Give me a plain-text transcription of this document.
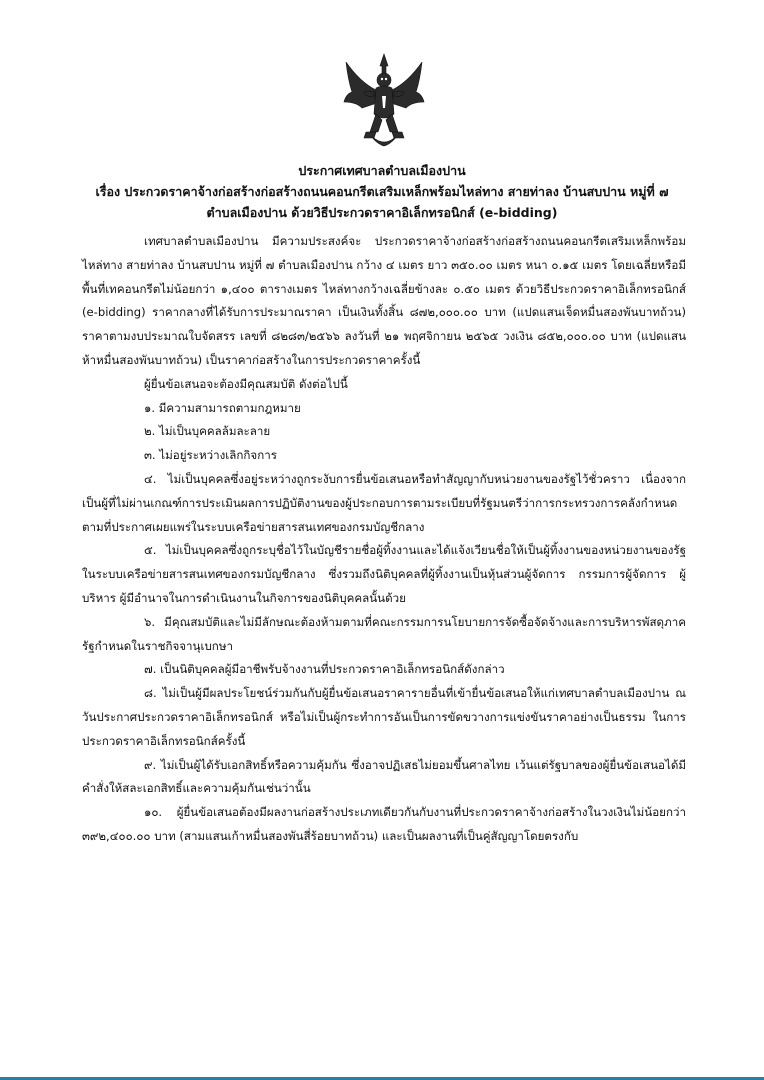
ประกาศเทศบาลตำบลเมืองปาน
เรื่อง ประกวดราคาจ้างก่อสร้างก่อสร้างถนนคอนกรีตเสริมเหล็กพร้อมไหล่ทาง สายท่าลง บ้านสบปาน หมู่ที่ ๗
ตำบลเมืองปาน ด้วยวิธีประกวดราคาอิเล็กทรอนิกส์ (e-bidding)

เทศบาลตำบลเมืองปาน มีความประสงค์จะ ประกวดราคาจ้างก่อสร้างก่อสร้างถนนคอนกรีตเสริมเหล็กพร้อมไหล่ทาง สายท่าลง บ้านสบปาน หมู่ที่ ๗ ตำบลเมืองปาน กว้าง ๔ เมตร ยาว ๓๕๐.๐๐ เมตร หนา ๐.๑๕ เมตร โดยเฉลี่ยหรือมีพื้นที่เทคอนกรีตไม่น้อยกว่า ๑,๔๐๐ ตารางเมตร ไหล่ทางกว้างเฉลี่ยข้างละ ๐.๕๐ เมตร ด้วยวิธีประกวดราคาอิเล็กทรอนิกส์ (e-bidding) ราคากลางที่ได้รับการประมาณราคา เป็นเงินทั้งสิ้น ๘๗๒,๐๐๐.๐๐ บาท (แปดแสนเจ็ดหมื่นสองพันบาทถ้วน) ราคาตามงบประมาณใบจัดสรร เลขที่ ๘๒๘๓/๒๕๖๖ ลงวันที่ ๒๑ พฤศจิกายน ๒๕๖๕ วงเงิน ๘๕๒,๐๐๐.๐๐ บาท (แปดแสนห้าหมื่นสองพันบาทถ้วน) เป็นราคาก่อสร้างในการประกวดราคาครั้งนี้

ผู้ยื่นข้อเสนอจะต้องมีคุณสมบัติ ดังต่อไปนี้

๑. มีความสามารถตามกฎหมาย

๒. ไม่เป็นบุคคลล้มละลาย

๓. ไม่อยู่ระหว่างเลิกกิจการ

๔. ไม่เป็นบุคคลซึ่งอยู่ระหว่างถูกระงับการยื่นข้อเสนอหรือทำสัญญากับหน่วยงานของรัฐไว้ชั่วคราว เนื่องจากเป็นผู้ที่ไม่ผ่านเกณฑ์การประเมินผลการปฏิบัติงานของผู้ประกอบการตามระเบียบที่รัฐมนตรีว่าการกระทรวงการคลังกำหนดตามที่ประกาศเผยแพร่ในระบบเครือข่ายสารสนเทศของกรมบัญชีกลาง

๕. ไม่เป็นบุคคลซึ่งถูกระบุชื่อไว้ในบัญชีรายชื่อผู้ทิ้งงานและได้แจ้งเวียนชื่อให้เป็นผู้ทิ้งงานของหน่วยงานของรัฐในระบบเครือข่ายสารสนเทศของกรมบัญชีกลาง ซึ่งรวมถึงนิติบุคคลที่ผู้ทิ้งงานเป็นหุ้นส่วนผู้จัดการ กรรมการผู้จัดการ ผู้บริหาร ผู้มีอำนาจในการดำเนินงานในกิจการของนิติบุคคลนั้นด้วย

๖. มีคุณสมบัติและไม่มีลักษณะต้องห้ามตามที่คณะกรรมการนโยบายการจัดซื้อจัดจ้างและการบริหารพัสดุภาครัฐกำหนดในราชกิจจานุเบกษา

๗. เป็นนิติบุคคลผู้มีอาชีพรับจ้างงานที่ประกวดราคาอิเล็กทรอนิกส์ดังกล่าว

๘. ไม่เป็นผู้มีผลประโยชน์ร่วมกันกับผู้ยื่นข้อเสนอราคารายอื่นที่เข้ายื่นข้อเสนอให้แก่เทศบาลตำบลเมืองปาน ณ วันประกาศประกวดราคาอิเล็กทรอนิกส์ หรือไม่เป็นผู้กระทำการอันเป็นการขัดขวางการแข่งขันราคาอย่างเป็นธรรม ในการประกวดราคาอิเล็กทรอนิกส์ครั้งนี้

๙. ไม่เป็นผู้ได้รับเอกสิทธิ์หรือความคุ้มกัน ซึ่งอาจปฏิเสธไม่ยอมขึ้นศาลไทย เว้นแต่รัฐบาลของผู้ยื่นข้อเสนอได้มีคำสั่งให้สละเอกสิทธิ์และความคุ้มกันเช่นว่านั้น

๑๐. ผู้ยื่นข้อเสนอต้องมีผลงานก่อสร้างประเภทเดียวกันกับงานที่ประกวดราคาจ้างก่อสร้างในวงเงินไม่น้อยกว่า ๓๙๒,๔๐๐.๐๐ บาท (สามแสนเก้าหมื่นสองพันสี่ร้อยบาทถ้วน) และเป็นผลงานที่เป็นคู่สัญญาโดยตรงกับ
